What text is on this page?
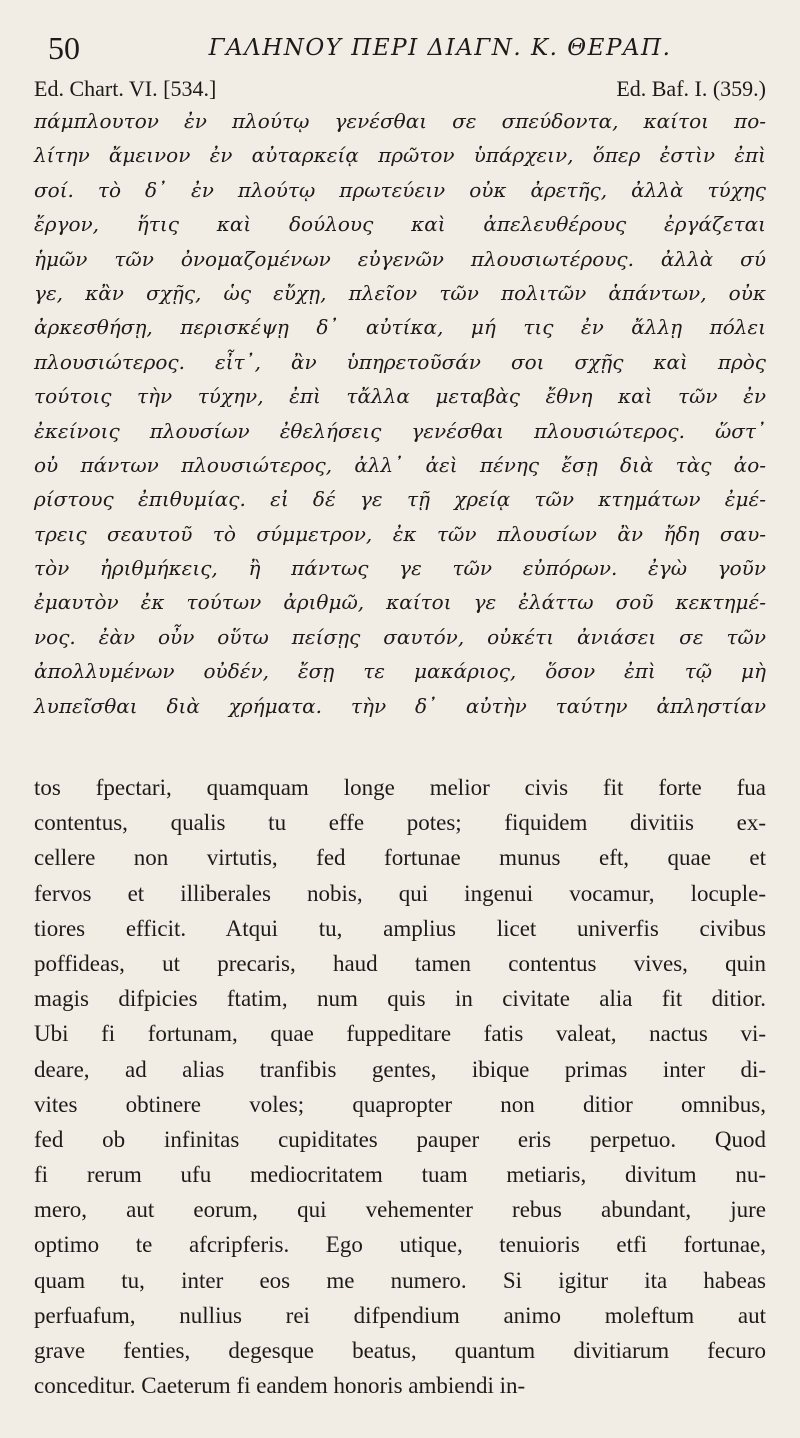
50	ΓΑΛΗΝΟΥ ΠΕΡΙ ΔΙΑΓΝ. Κ. ΘΕΡΑΠ.
Ed. Chart. VI. [534.]	Ed. Baf. I. (359.)
πάμπλουτον ἐν πλούτῳ γενέσθαι σε σπεύδοντα, καίτοι πο-
λίτην ἄμεινον ἐν αὐταρκείᾳ πρῶτον ὑπάρχειν, ὅπερ ἐστὶν ἐπὶ
σοί. τὸ δ᾽ ἐν πλούτῳ πρωτεύειν οὐκ ἀρετῆς, ἀλλὰ τύχης
ἔργον, ἥτις καὶ δούλους καὶ ἀπελευθέρους ἐργάζεται
ἡμῶν τῶν ὀνομαζομένων εὐγενῶν πλουσιωτέρους. ἀλλὰ σύ
γε, κἂν σχῇς, ὡς εὔχῃ, πλεῖον τῶν πολιτῶν ἁπάντων, οὐκ
ἀρκεσθήσῃ, περισκέψῃ δ᾽ αὐτίκα, μή τις ἐν ἄλλῃ πόλει
πλουσιώτερος. εἶτ᾽, ἂν ὑπηρετοῦσάν σοι σχῇς καὶ πρὸς
τούτοις τὴν τύχην, ἐπὶ τἄλλα μεταβὰς ἔθνη καὶ τῶν ἐν
ἐκείνοις πλουσίων ἐθελήσεις γενέσθαι πλουσιώτερος. ὥστ᾽
οὐ πάντων πλουσιώτερος, ἀλλ᾽ ἀεὶ πένης ἔσῃ διὰ τὰς ἀο-
ρίστους ἐπιθυμίας. εἰ δέ γε τῇ χρείᾳ τῶν κτημάτων ἐμέ-
τρεις σεαυτοῦ τὸ σύμμετρον, ἐκ τῶν πλουσίων ἂν ἤδη σαυ-
τὸν ἠριθμήκεις, ἢ πάντως γε τῶν εὐπόρων. ἐγὼ γοῦν
ἐμαυτὸν ἐκ τούτων ἀριθμῶ, καίτοι γε ἐλάττω σοῦ κεκτημέ-
νος. ἐὰν οὖν οὕτω πείσῃς σαυτόν, οὐκέτι ἀνιάσει σε τῶν
ἀπολλυμένων οὐδέν, ἔσῃ τε μακάριος, ὅσον ἐπὶ τῷ μὴ
λυπεῖσθαι διὰ χρήματα. τὴν δ᾽ αὐτὴν ταύτην ἀπληστίαν
tos fpectari, quamquam longe melior civis fit forte fua
contentus, qualis tu effe potes; fiquidem divitiis ex-
cellere non virtutis, fed fortunae munus eft, quae et
fervos et illiberales nobis, qui ingenui vocamur, locuple-
tiores efficit. Atqui tu, amplius licet univerfis civibus
poffideas, ut precaris, haud tamen contentus vives, quin
magis difpicies ftatim, num quis in civitate alia fit ditior.
Ubi fi fortunam, quae fuppeditare fatis valeat, nactus vi-
deare, ad alias tranfibis gentes, ibique primas inter di-
vites obtinere voles; quapropter non ditior omnibus,
fed ob infinitas cupiditates pauper eris perpetuo. Quod
fi rerum ufu mediocritatem tuam metiaris, divitum nu-
mero, aut eorum, qui vehementer rebus abundant, jure
optimo te afcripferis. Ego utique, tenuioris etfi fortunae,
quam tu, inter eos me numero. Si igitur ita habeas
perfuafum, nullius rei difpendium animo moleftum aut
grave fenties, degesque beatus, quantum divitiarum fecuro
conceditur. Caeterum fi eandem honoris ambiendi in-
